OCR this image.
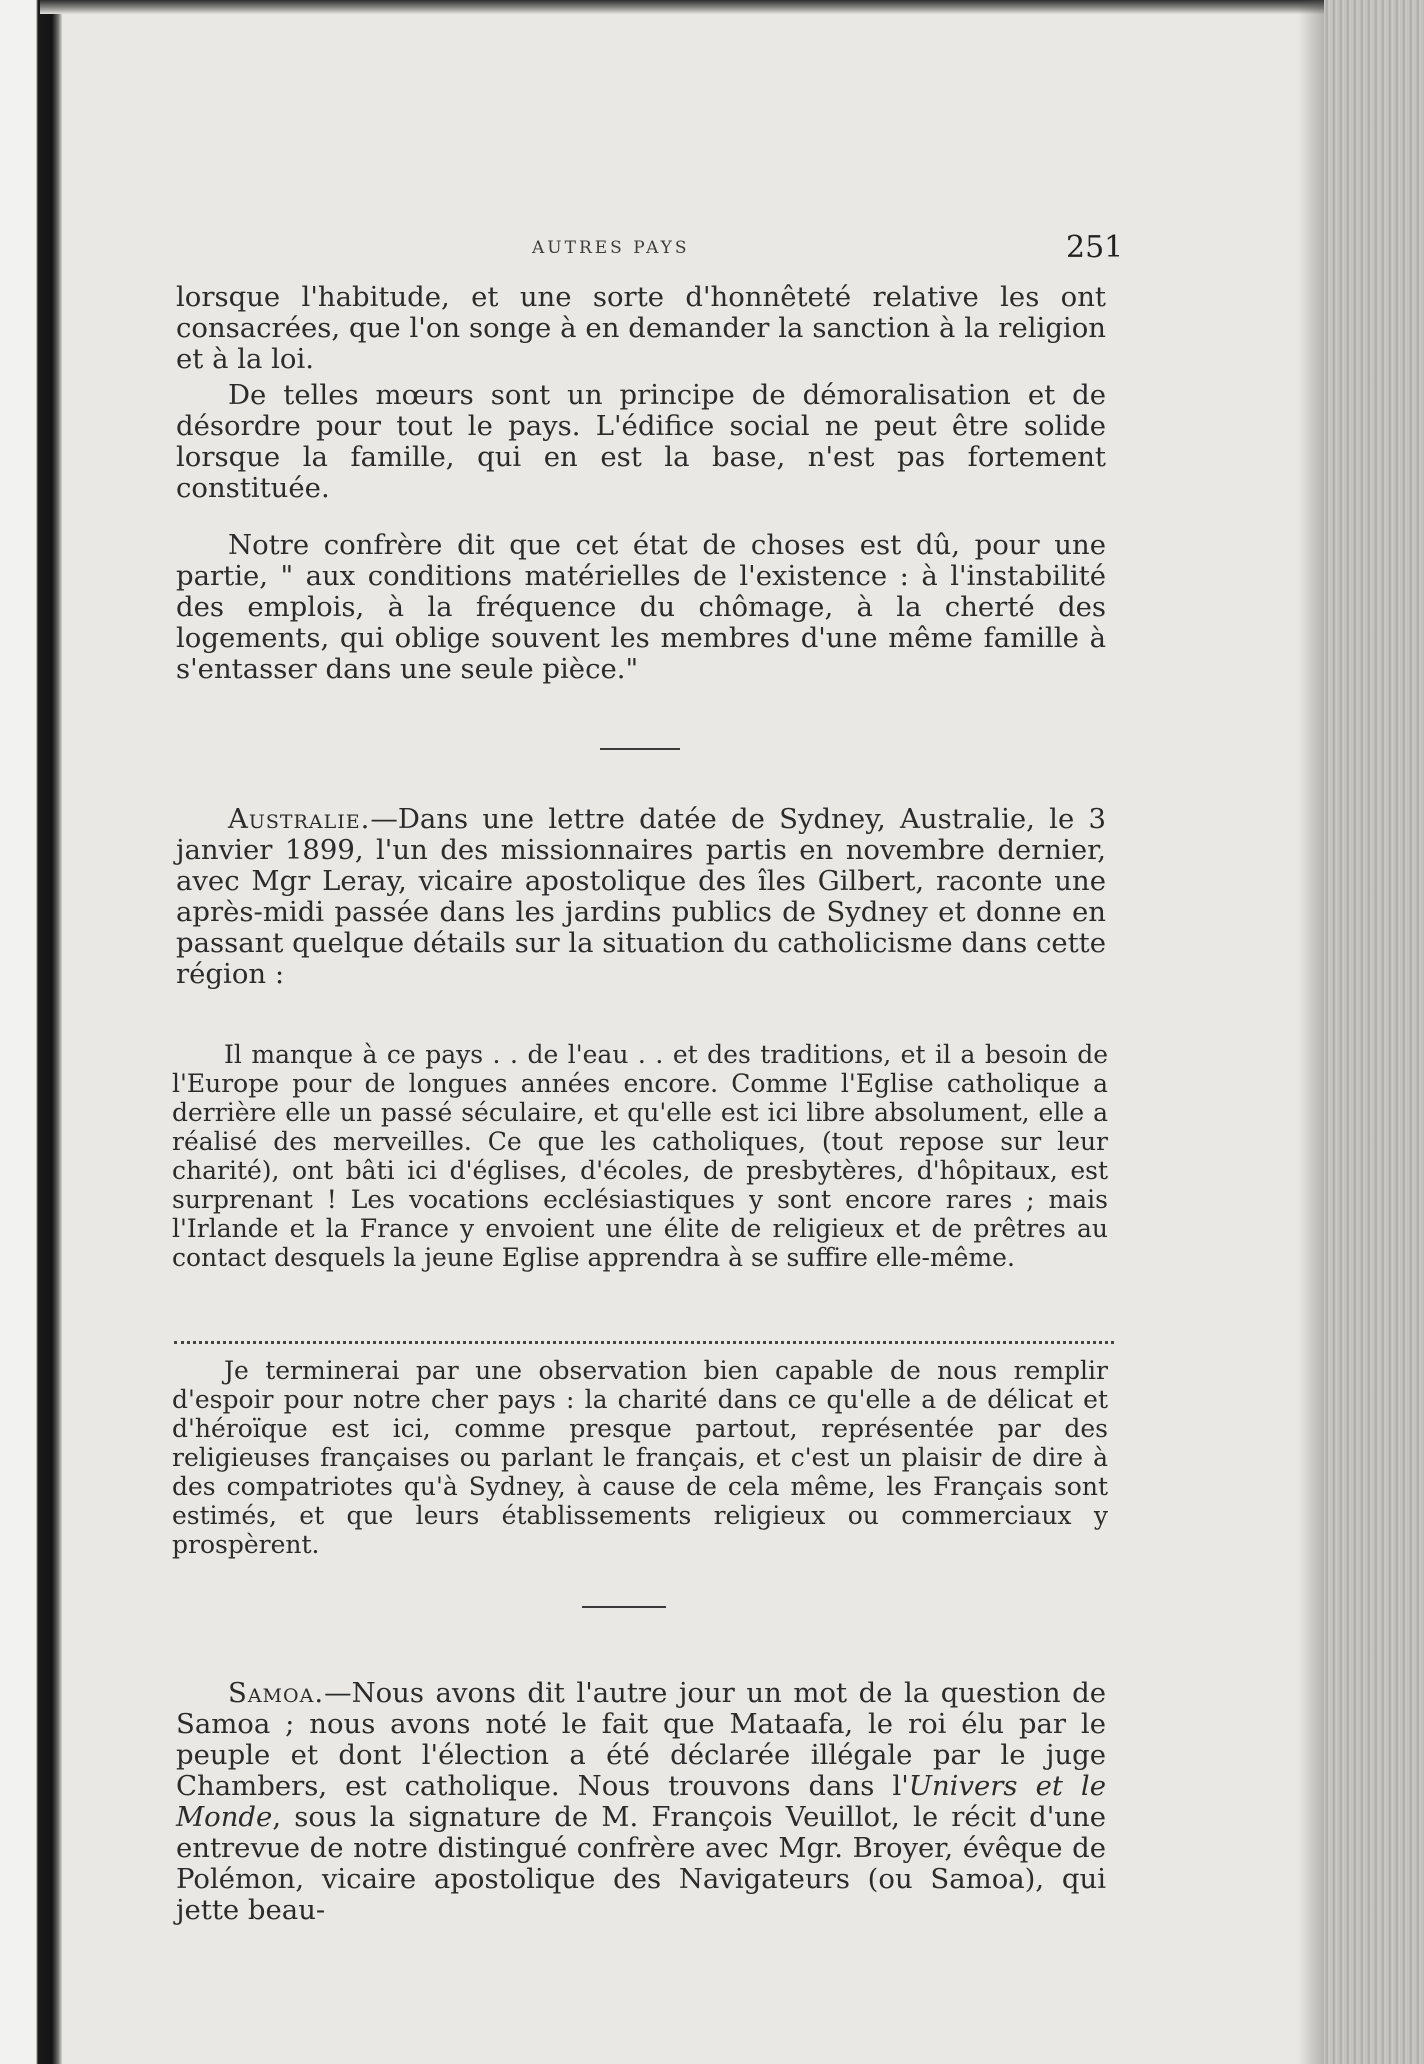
AUTRES PAYS	251

lorsque l'habitude, et une sorte d'honnêteté relative les ont consacrées, que l'on songe à en demander la sanction à la religion et à la loi.

De telles mœurs sont un principe de démoralisation et de désordre pour tout le pays. L'édifice social ne peut être solide lorsque la famille, qui en est la base, n'est pas fortement constituée.

Notre confrère dit que cet état de choses est dû, pour une partie, " aux conditions matérielles de l'existence : à l'instabilité des emplois, à la fréquence du chômage, à la cherté des logements, qui oblige souvent les membres d'une même famille à s'entasser dans une seule pièce."

Australie.—Dans une lettre datée de Sydney, Australie, le 3 janvier 1899, l'un des missionnaires partis en novembre dernier, avec Mgr Leray, vicaire apostolique des îles Gilbert, raconte une après-midi passée dans les jardins publics de Sydney et donne en passant quelque détails sur la situation du catholicisme dans cette région :

Il manque à ce pays . . de l'eau . . et des traditions, et il a besoin de l'Europe pour de longues années encore. Comme l'Eglise catholique a derrière elle un passé séculaire, et qu'elle est ici libre absolument, elle a réalisé des merveilles. Ce que les catholiques, (tout repose sur leur charité), ont bâti ici d'églises, d'écoles, de presbytères, d'hôpitaux, est surprenant ! Les vocations ecclésiastiques y sont encore rares ; mais l'Irlande et la France y envoient une élite de religieux et de prêtres au contact desquels la jeune Eglise apprendra à se suffire elle-même.

Je terminerai par une observation bien capable de nous remplir d'espoir pour notre cher pays : la charité dans ce qu'elle a de délicat et d'héroïque est ici, comme presque partout, représentée par des religieuses françaises ou parlant le français, et c'est un plaisir de dire à des compatriotes qu'à Sydney, à cause de cela même, les Français sont estimés, et que leurs établissements religieux ou commerciaux y prospèrent.

Samoa.—Nous avons dit l'autre jour un mot de la question de Samoa ; nous avons noté le fait que Mataafa, le roi élu par le peuple et dont l'élection a été déclarée illégale par le juge Chambers, est catholique. Nous trouvons dans l'Univers et le Monde, sous la signature de M. François Veuillot, le récit d'une entrevue de notre distingué confrère avec Mgr. Broyer, évêque de Polémon, vicaire apostolique des Navigateurs (ou Samoa), qui jette beau-
